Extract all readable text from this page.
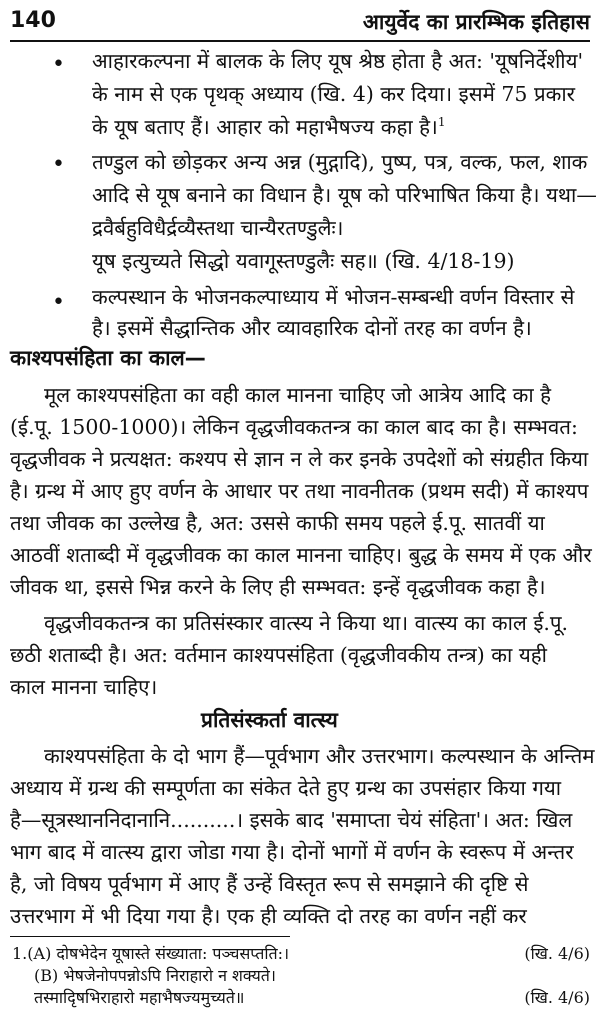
140	आयुर्वेद का प्रारम्भिक इतिहास
• आहारकल्पना में बालक के लिए यूष श्रेष्ठ होता है अत: 'यूषनिर्देशीय'
के नाम से एक पृथक् अध्याय (खि. 4) कर दिया। इसमें 75 प्रकार
के यूष बताए हैं। आहार को महाभैषज्य कहा है।$^1$
• तण्डुल को छोड़कर अन्य अन्न (मुद्गादि), पुष्प, पत्र, वल्क, फल, शाक
आदि से यूष बनाने का विधान है। यूष को परिभाषित किया है। यथा—
द्रवैर्बहुविधैर्द्रव्यैस्तथा चान्यैरतण्डुलैः।
यूष इत्युच्यते सिद्धो यवागूस्तण्डुलैः सह॥ (खि. 4/18-19)
• कल्पस्थान के भोजनकल्पाध्याय में भोजन-सम्बन्धी वर्णन विस्तार से
है। इसमें सैद्धान्तिक और व्यावहारिक दोनों तरह का वर्णन है।
काश्यपसंहिता का काल—
मूल काश्यपसंहिता का वही काल मानना चाहिए जो आत्रेय आदि का है
(ई.पू. 1500-1000)। लेकिन वृद्धजीवकतन्त्र का काल बाद का है। सम्भवत:
वृद्धजीवक ने प्रत्यक्षत: कश्यप से ज्ञान न ले कर इनके उपदेशों को संग्रहीत किया
है। ग्रन्थ में आए हुए वर्णन के आधार पर तथा नावनीतक (प्रथम सदी) में काश्यप
तथा जीवक का उल्लेख है, अत: उससे काफी समय पहले ई.पू. सातवीं या
आठवीं शताब्दी में वृद्धजीवक का काल मानना चाहिए। बुद्ध के समय में एक और
जीवक था, इससे भिन्न करने के लिए ही सम्भवत: इन्हें वृद्धजीवक कहा है।
वृद्धजीवकतन्त्र का प्रतिसंस्कार वात्स्य ने किया था। वात्स्य का काल ई.पू.
छठी शताब्दी है। अत: वर्तमान काश्यपसंहिता (वृद्धजीवकीय तन्त्र) का यही
काल मानना चाहिए।
प्रतिसंस्कर्ता वात्स्य
काश्यपसंहिता के दो भाग हैं—पूर्वभाग और उत्तरभाग। कल्पस्थान के अन्तिम
अध्याय में ग्रन्थ की सम्पूर्णता का संकेत देते हुए ग्रन्थ का उपसंहार किया गया
है—सूत्रस्थाननिदानानि..........। इसके बाद 'समाप्ता चेयं संहिता'। अत: खिल
भाग बाद में वात्स्य द्वारा जोडा गया है। दोनों भागों में वर्णन के स्वरूप में अन्तर
है, जो विषय पूर्वभाग में आए हैं उन्हें विस्तृत रूप से समझाने की दृष्टि से
उत्तरभाग में भी दिया गया है। एक ही व्यक्ति दो तरह का वर्णन नहीं कर
1.(A) दोषभेदेन यूषास्ते संख्याता: पञ्चसप्तति:।	(खि. 4/6)
(B) भेषजेनोपपन्नोऽपि निराहारो न शक्यते।
तस्मादृिषभिराहारो महाभैषज्यमुच्यते॥	(खि. 4/6)
